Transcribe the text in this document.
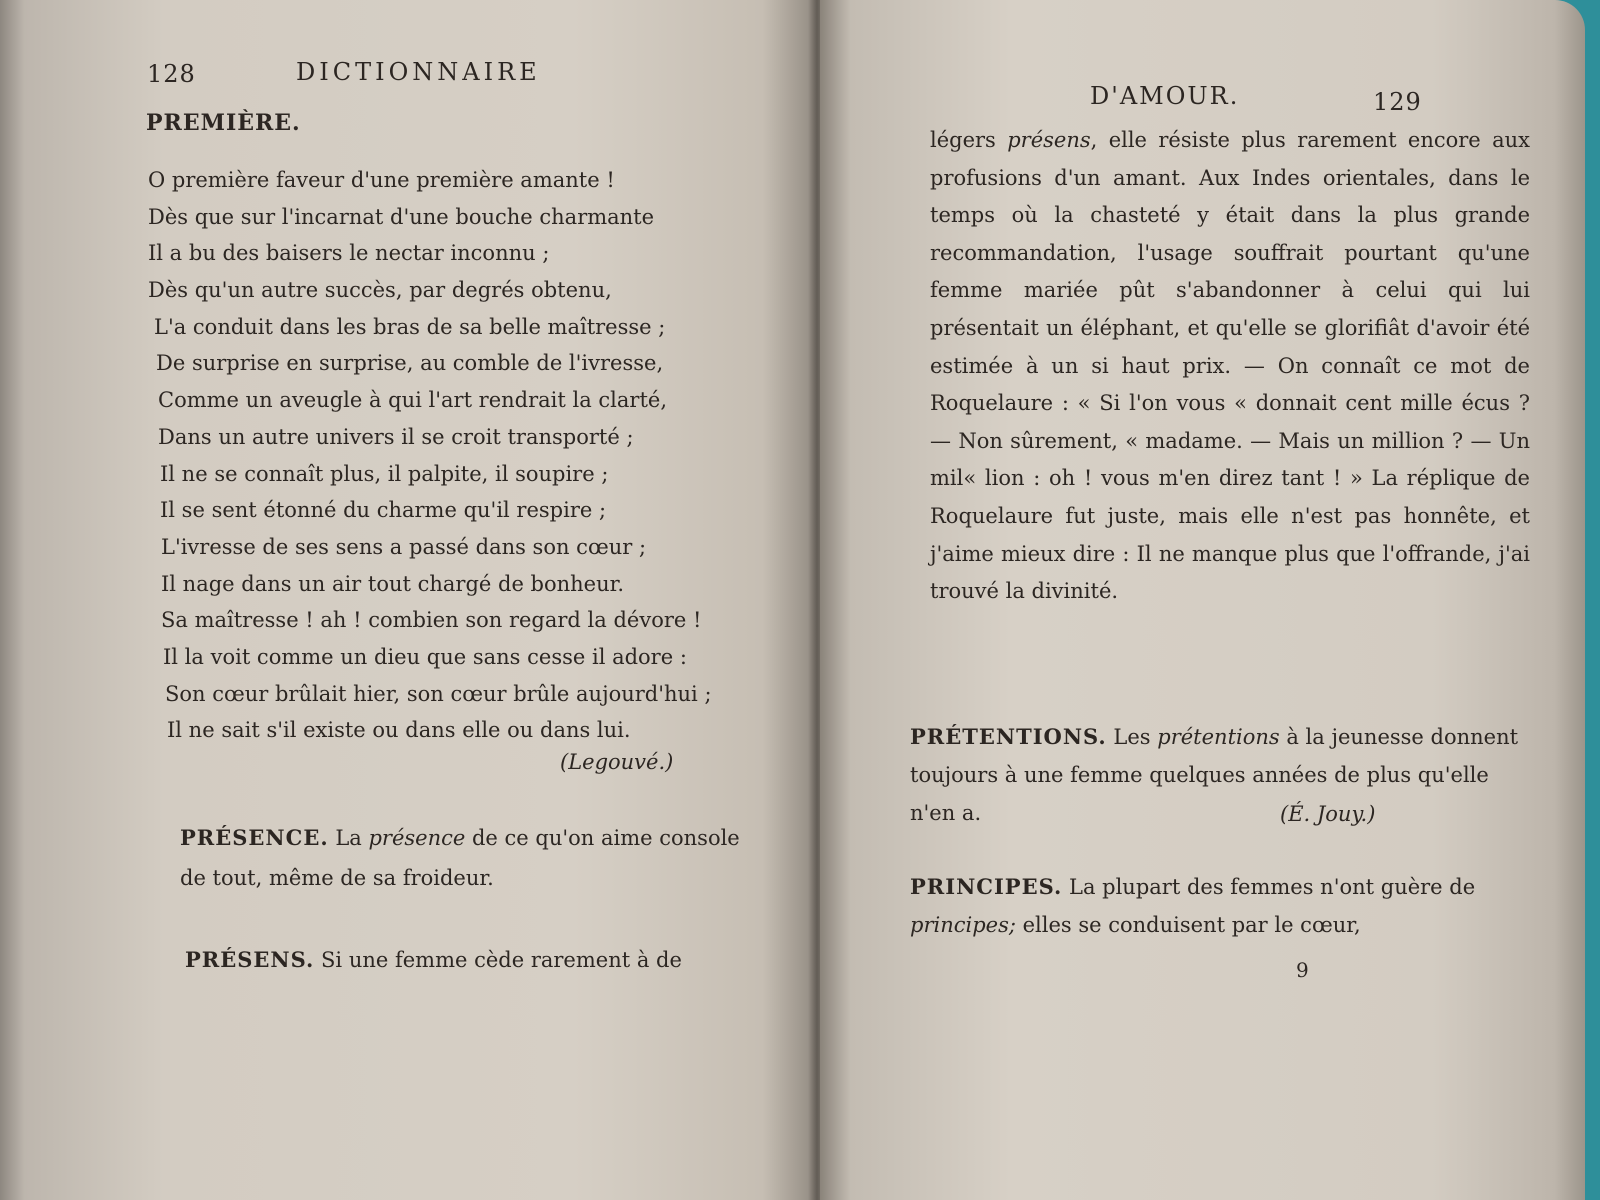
128	DICTIONNAIRE
PREMIÈRE.
O première faveur d'une première amante !
Dès que sur l'incarnat d'une bouche charmante
Il a bu des baisers le nectar inconnu ;
Dès qu'un autre succès, par degrés obtenu,
L'a conduit dans les bras de sa belle maîtresse ;
De surprise en surprise, au comble de l'ivresse,
Comme un aveugle à qui l'art rendrait la clarté,
Dans un autre univers il se croit transporté ;
Il ne se connaît plus, il palpite, il soupire ;
Il se sent étonné du charme qu'il respire ;
L'ivresse de ses sens a passé dans son cœur ;
Il nage dans un air tout chargé de bonheur.
Sa maîtresse ! ah ! combien son regard la dévore !
Il la voit comme un dieu que sans cesse il adore :
Son cœur brûlait hier, son cœur brûle aujourd'hui ;
Il ne sait s'il existe ou dans elle ou dans lui.
(Legouvé.)

PRÉSENCE. La présence de ce qu'on aime console de tout, même de sa froideur.

PRÉSENS. Si une femme cède rarement à de

D'AMOUR.	129

légers présens, elle résiste plus rarement encore aux profusions d'un amant. Aux Indes orientales, dans le temps où la chasteté y était dans la plus grande recommandation, l'usage souffrait pourtant qu'une femme mariée pût s'abandonner à celui qui lui présentait un éléphant, et qu'elle se glorifiât d'avoir été estimée à un si haut prix. — On connaît ce mot de Roquelaure : « Si l'on vous « donnait cent mille écus ? — Non sûrement, « madame. — Mais un million ? — Un mil« lion : oh ! vous m'en direz tant ! » La réplique de Roquelaure fut juste, mais elle n'est pas honnête, et j'aime mieux dire : Il ne manque plus que l'offrande, j'ai trouvé la divinité.

PRÉTENTIONS. Les prétentions à la jeunesse donnent toujours à une femme quelques années de plus qu'elle n'en a.	(É. Jouy.)

PRINCIPES. La plupart des femmes n'ont guère de principes; elles se conduisent par le cœur,

9
